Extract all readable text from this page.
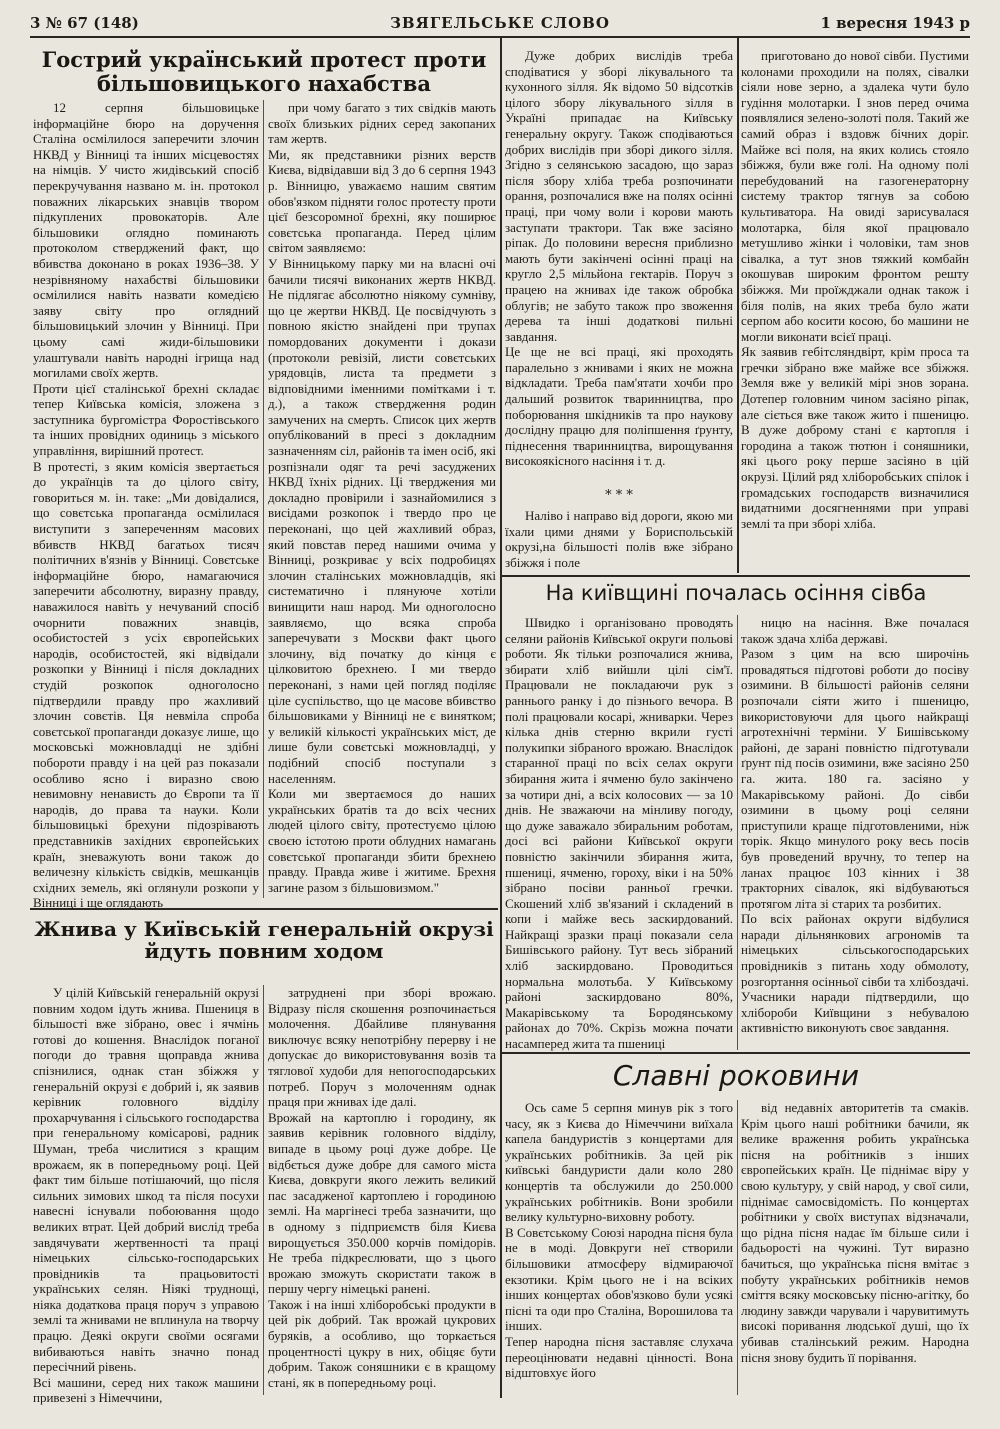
3 № 67 (148)	ЗВЯГЕЛЬСЬКЕ СЛОВО	1 вересня 1943 р
Гострий український протест проти більшовицького нахабства
12 серпня більшовицьке інформаційне бюро на доручення Сталіна осмілилося заперечити злочин НКВД у Вінниці та інших місцевостях на німців. У чисто жидівський спосіб перекручування названо м. ін. протокол поважних лікарських знавців твором підкуплених провокаторів. Але більшовики оглядно поминають протоколом стверджений факт, що вбивства доконано в роках 1936–38. У незрівняному нахабстві більшовики осмілилися навіть назвати комедією заяву світу про оглядний більшовицький злочин у Вінниці. При цьому самі жиди-більшовики улаштували навіть народні ігрища над могилами своїх жертв.
Проти цієї сталінської брехні складає тепер Київська комісія, зложена з заступника бургомістра Форостівського та інших провідних одиниць з міського управління, вирішний протест.
В протесті, з яким комісія звертається до українців та до цілого світу, говориться м. ін. таке: „Ми довідалися, що совєтська пропаганда осмілилася виступити з запереченням масових вбивств НКВД багатьох тисяч політичних в'язнів у Вінниці. Совєтське інформаційне бюро, намагаючися заперечити абсолютну, виразну правду, наважилося навіть у нечуваний спосіб очорнити поважних знавців, особистостей з усіх європейських народів, особистостей, які відвідали розкопки у Вінниці і після докладних студій розкопок одноголосно підтвердили правду про жахливий злочин совєтів. Ця невміла спроба совєтської пропаганди доказує лише, що московські можновладці не здібні побороти правду і на цей раз показали особливо ясно і виразно свою невимовну ненависть до Європи та її народів, до права та науки. Коли більшовицькі брехуни підозрівають представників західних європейських країн, зневажують вони також до величезну кількість свідків, мешканців східних земель, які оглянули розкопи у Вінниці і ще оглядають
при чому багато з тих свідків мають своїх близьких рідних серед закопаних там жертв.
Ми, як представники різних верств Києва, відвідавши від 3 до 6 серпня 1943 р. Вінницю, уважаємо нашим святим обов'язком підняти голос протесту проти цієї безсоромної брехні, яку поширює совєтська пропаганда. Перед цілим світом заявляємо:
У Вінницькому парку ми на власні очі бачили тисячі виконаних жертв НКВД. Не підлягає абсолютно ніякому сумніву, що це жертви НКВД. Це посвідчують з повною якістю знайдені при трупах помордованих документи і докази (протоколи ревізій, листи совєтських урядовців, листа та предмети з відповідними іменними помітками і т. д.), а також ствердження родин замучених на смерть. Список цих жертв опублікований в пресі з докладним зазначенням сіл, районів та імен осіб, які розпізнали одяг та речі засуджених НКВД їхніх рідних. Ці тверджения ми докладно провірили і зазнайомилися з висідами розкопок і твердо про це переконані, що цей жахливий образ, який повстав перед нашими очима у Вінниці, розкриває у всіх подробицях злочин сталінських можновладців, які систематично і плянуюче хотіли винищити наш народ. Ми одноголосно заявляємо, що всяка спроба заперечувати з Москви факт цього злочину, від початку до кінця є цілковитою брехнею. І ми твердо переконані, з нами цей погляд поділяє ціле суспільство, що це масове вбивство більшовиками у Вінниці не є винятком; у великій кількості українських міст, де лише були совєтські можновладці, у подібний спосіб поступали з населенням.
Коли ми звертаємося до наших українських братів та до всіх чесних людей цілого світу, протестуємо цілою своєю істотою проти облудних намагань совєтської пропаганди збити брехнею правду. Правда живе і житиме. Брехня загине разом з більшовизмом."
Жнива у Київській генеральній окрузі йдуть повним ходом
У цілій Київській генеральній окрузі повним ходом ідуть жнива. Пшениця в більшості вже зібрано, овес і ячмінь готові до кошення. Внаслідок поганої погоди до травня щоправда жнива спізнилися, однак стан збіжжя у генеральній окрузі є добрий і, як заявив керівник головного відділу прохарчування і сільського господарства при генеральному комісарові, радник Шуман, треба числитися з кращим врожаєм, як в попередньому році. Цей факт тим більше потішаючий, що після сильних зимових шкод та після посухи навесні існували побоювання щодо великих втрат. Цей добрий вислід треба завдячувати жертвенності та праці німецьких сільсько-господарських провідників та працьовитості українських селян. Ніякі труднощі, ніяка додаткова праця поруч з управою землі та жнивами не вплинула на творчу працю. Деякі округи своїми осягами вибиваються навіть значно понад пересічний рівень.
Всі машини, серед них також машини привезені з Німеччини,
затруднені при зборі врожаю. Відразу після скошення розпочинається молочення. Дбайливе плянування виключує всяку непотрібну перерву і не допускає до використовування возів та тяглової худоби для непогосподарських потреб. Поруч з молоченням однак праця при жнивах іде далі.
Врожай на картоплю і городину, як заявив керівник головного відділу, випаде в цьому році дуже добре. Це відбється дуже добре для самого міста Києва, довкруги якого лежить великий пас засадженої картоплею і городиною землі. На маргінесі треба зазначити, що в одному з підприємств біля Києва вирощується 350.000 корчів помідорів. Не треба підкреслювати, що з цього врожаю зможуть скористати також в першу чергу німецькі ранені.
Також і на інші хліборобські продукти в цей рік добрий. Так врожай цукрових буряків, а особливо, що торкається процентності цукру в них, обіцяє бути добрим. Також соняшники є в кращому стані, як в попередньому році.
Дуже добрих вислідів треба сподіватися у зборі лікувального та кухонного зілля. Як відомо 50 відсотків цілого збору лікувального зілля в Україні припадає на Київську генеральну округу. Також сподіваються добрих вислідів при зборі дикого зілля. Згідно з селянською засадою, що зараз після збору хліба треба розпочинати орання, розпочалися вже на полях осінні праці, при чому воли і корови мають заступати трактори. Так вже засіяно ріпак. До половини вересня приблизно мають бути закінчені осінні праці на кругло 2,5 мільйона гектарів. Поруч з працею на жнивах іде також обробка облугів; не забуто також про звоження дерева та інші додаткові пильні завдання.
Це ще не всі праці, які проходять паралельно з жнивами і яких не можна відкладати. Треба пам'ятати хочби про дальший розвиток тваринництва, про поборювання шкідників та про наукову дослідну працю для поліпшення ґрунту, піднесення тваринництва, вирощування високоякісного насіння і т. д.
* * *
Наліво і направо від дороги, якою ми їхали цими днями у Бориспольській окрузі,на більшості полів вже зібрано збіжжя і поле
приготовано до нової сівби. Пустими колонами проходили на полях, сівалки сіяли нове зерно, а здалека чути було гудіння молотарки. І знов перед очима появлялися зелено-золоті поля. Такий же самий образ і вздовж бічних доріг. Майже всі поля, на яких колись стояло збіжжя, були вже голі. На одному полі перебудований на газогенераторну систему трактор тягнув за собою культиватора. На овиді зарисувалася молотарка, біля якої працювало метушливо жінки і чоловіки, там знов сівалка, а тут знов тяжкий комбайн окошував широким фронтом решту збіжжя. Ми проїжджали однак також і біля полів, на яких треба було жати серпом або косити косою, бо машини не могли виконати всієї праці.
Як заявив гебітсляндвірт, крім проса та гречки зібрано вже майже все збіжжя. Земля вже у великій мірі знов зорана. Дотепер головним чином засіяно ріпак, але сіється вже також жито і пшеницю. В дуже доброму стані є картопля і городина а також тютюн і соняшники, які цього року перше засіяно в цій окрузі. Цілий ряд хліборобських спілок і громадських господарств визначилися видатними досягненнями при управі землі та при зборі хліба.
На київщині почалась осіння сівба
Швидко і організовано проводять селяни районів Київської округи польові роботи. Як тільки розпочалися жнива, збирати хліб вийшли цілі сім'ї. Працювали не покладаючи рук з раннього ранку і до пізнього вечора. В полі працювали косарі, жниварки. Через кілька днів стерню вкрили густі полукипки зібраного врожаю. Внаслідок старанної праці по всіх селах округи збирання жита і ячменю було закінчено за чотири дні, а всіх колосових — за 10 днів. Не зважаючи на мінливу погоду, що дуже заважало збиральним роботам, досі всі райони Київської округи повністю закінчили збирання жита, пшениці, ячменю, гороху, віки і на 50% зібрано посіви ранньої гречки. Скошений хліб зв'язаний і складений в копи і майже весь заскирдований. Найкращі зразки праці показали села Бишівського району. Тут весь зібраний хліб заскирдовано. Проводиться нормальна молотьба. У Київському районі заскирдовано 80%, Макарівському та Бородянському районах до 70%. Скрізь можна почати насамперед жита та пшениці
ницю на насіння. Вже почалася також здача хліба державі.
Разом з цим на всю широчінь провадяться підготові роботи до посіву озимини. В більшості районів селяни розпочали сіяти жито і пшеницю, використовуючи для цього найкращі агротехнічні терміни. У Бишівському районі, де зарані повністю підготували ґрунт під посів озимини, вже засіяно 250 га. жита. 180 га. засіяно у Макарівському районі. До сівби озимини в цьому році селяни приступили краще підготовленими, ніж торік. Якщо минулого року весь посів був проведений вручну, то тепер на ланах працює 103 кінних і 38 тракторних сівалок, які відбуваються протягом літа зі старих та розбитих.
По всіх районах округи відбулися наради дільнянкових агрономів та німецьких сільськогосподарських провідників з питань ходу обмолоту, розгортання осінньої сівби та хлібоздачі. Учасники наради підтвердили, що хлібороби Київщини з небувалою активністю виконують своє завдання.
Славні роковини
Ось саме 5 серпня минув рік з того часу, як з Києва до Німеччини виїхала капела бандуристів з концертами для українських робітників. За цей рік київські бандуристи дали коло 280 концертів та обслужили до 250.000 українських робітників. Вони зробили велику культурно-виховну роботу.
В Совєтському Союзі народна пісня була не в моді. Довкруги неї створили більшовики атмосферу відмираючої екзотики. Крім цього не і на всіких інших концертах обов'язково були усякі пісні та оди про Сталіна, Ворошилова та інших.
Тепер народна пісня заставляє слухача переоцінювати недавні цінності. Вона відштовхує його
від недавніх авторитетів та смаків. Крім цього наші робітники бачили, як велике враження робить українська пісня на робітників з інших європейських країн. Це піднімає віру у свою культуру, у свій народ, у свої сили, піднімає самосвідомість. По концертах робітники у своїх виступах відзначали, що рідна пісня надає їм більше сили і бадьорості на чужині. Тут виразно бачиться, що українська пісня вмітає з побуту українських робітників немов сміття всяку московську пісню-агітку, бо людину завжди чарували і чарувитимуть високі поривання людської душі, що їх убивав сталінський режим. Народна пісня знову будить її порівання.
